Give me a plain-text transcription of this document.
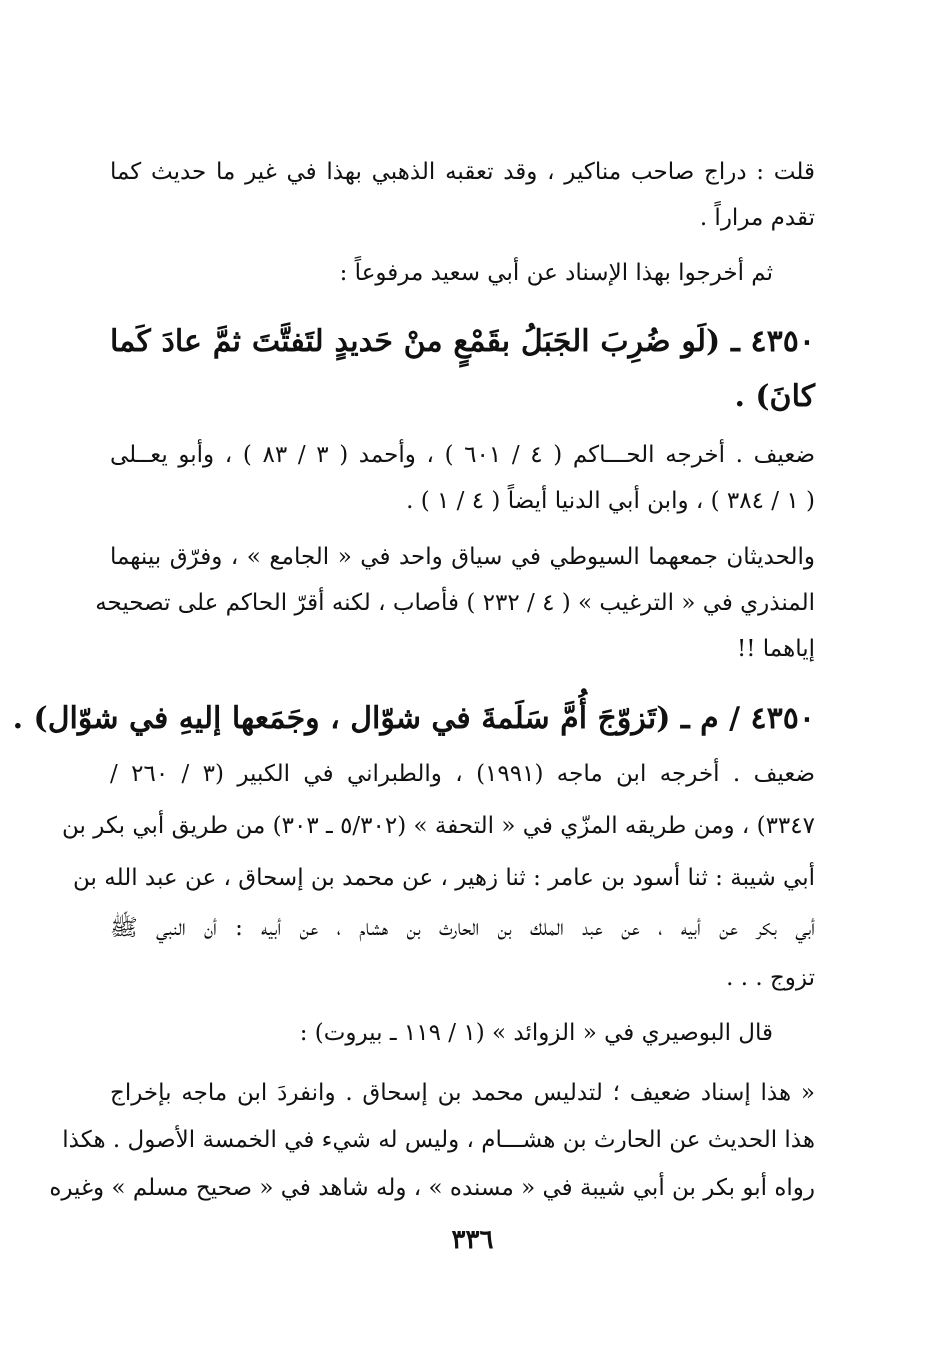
قلت : دراج صاحب مناكير ، وقد تعقبه الذهبي بهذا في غير ما حديث كما
تقدم مراراً .
ثم أخرجوا بهذا الإسناد عن أبي سعيد مرفوعاً :
٤٣٥٠ ـ (لَو ضُرِبَ الجَبَلُ بقَمْعٍ منْ حَديدٍ لتَفتَّتَ ثمَّ عادَ كَما
كانَ) .
ضعيف . أخرجه الحـــاكم ( ٤ / ٦٠١ ) ، وأحمد ( ٣ / ٨٣ ) ، وأبو يعــلى
( ١ / ٣٨٤ ) ، وابن أبي الدنيا أيضاً ( ٤ / ١ ) .
والحديثان جمعهما السيوطي في سياق واحد في « الجامع » ، وفرّق بينهما
المنذري في « الترغيب » ( ٤ / ٢٣٢ ) فأصاب ، لكنه أقرّ الحاكم على تصحيحه
إياهما !!
٤٣٥٠ / م ـ (تَزوّجَ أُمَّ سَلَمةَ في شوّال ، وجَمَعها إليهِ في شوّال) .
ضعيف . أخرجه ابن ماجه (١٩٩١) ، والطبراني في الكبير (٣ / ٢٦٠ /
٣٣٤٧) ، ومن طريقه المزّي في « التحفة » (٥/٣٠٢ ـ ٣٠٣) من طريق أبي بكر بن
أبي شيبة : ثنا أسود بن عامر : ثنا زهير ، عن محمد بن إسحاق ، عن عبد الله بن
أبي بكر عن أبيه ، عن عبد الملك بن الحارث بن هشام ، عن أبيه : أن النبي ﷺ
تزوج . . .
قال البوصيري في « الزوائد » (١ / ١١٩ ـ بيروت) :
« هذا إسناد ضعيف ؛ لتدليس محمد بن إسحاق . وانفردَ ابن ماجه بإخراج
هذا الحديث عن الحارث بن هشـــام ، وليس له شيء في الخمسة الأصول . هكذا
رواه أبو بكر بن أبي شيبة في « مسنده » ، وله شاهد في « صحيح مسلم » وغيره
٣٣٦
